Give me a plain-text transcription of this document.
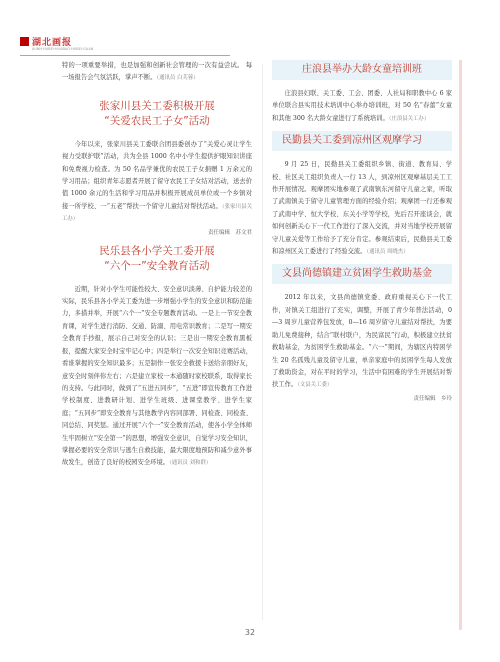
湖北画报
JIUNN·HUBEI·HUABAO·HUBEI·GUAN

特的一项重要举措，也是加强和创新社会管理的一次有益尝试。 每一场报告会气氛活跃，掌声不断。（通讯员 白芙蓉）

张家川县关工委积极开展
“关爱农民工子女”活动

今年以来，张家川县关工委联合团县委创办了“关爱心灵让学生视力受联护联”活动，共为全县 1000 名中小学生提供护眼知识讲座和免费视力检查。为 50 名品学兼优的农民工子女捐赠 1 万余元的学习用品；组织青年志愿者开展了留守农民工子女结对活动，送去价值 1000 余元的生活和学习用品并积极开展成员单位或一个乡镇对接一所学校、一“五老”帮扶一个留守儿童结对帮扶活动。（张家川县关工办）

责任编辑　苏文君
民乐县各小学关工委开展
“六个一”安全教育活动

近期，针对小学生可能性较大、安全意识淡薄、自护能力较差的实际，民乐县各小学关工委为进一步增强小学生的安全意识和防范能力，多措并举，开展“六个一”安全专题教育活动。一是上一节安全教育课，对学生进行消防、交通、防溺、用电常识教育；二是写一期安全教育手抄报，展示自己对安全的认识；三是出一期安全教育黑板报，提醒大家安全时宝牢记心中；四是举行一次安全知识竞赛活动，看谁掌握的安全知识最多；五是制作一张安全救援卡送给亲朋好友，意安全时刻伴你左右；六是建立家校一本通随时家校联系，取得家长的支持。与此同时，做到了“五进五同步”，“五进”即宣传教育工作进学校制度、进教研计划、进学生班级、进课堂教学、进学生家庭；“五同步”即安全教育与其他教学内容同部署、同检查、同检查、同总结、同奖惩。通过开展“六个一”安全教育活动，使各小学全体师生牢固树立“安全第一”的思想，增强安全意识，自觉学习安全知识，掌握必要的安全常识与逃生自救技能，最大限度地预防和减少意外事故发生，创造了良好的校园安全环境。（通讯员 刘和群）

庄浪县举办大龄女童培训班

庄浪县妇联、关工委、工会、团委、人社局和职教中心 6 家单位联合县实用技术培训中心举办培训班，对 50 名“春蕾”女童和其他 300 名大龄女童进行了系统培训。（庄浪县关工办）

民勤县关工委到凉州区观摩学习

9 月 25 日，民勤县关工委组织乡镇、街道、教育局、学校、社区关工组织负责人一行 13 人，到凉州区观摩基层关工工作开展情况。观摩团实地参观了武南镇东河留守儿童之家，听取了武南镇关于留守儿童管理方面的经验介绍；观摩团一行还参观了武南中学、恒大学校、东关小学等学校，先后召开座谈会，就如何创新关心下一代工作进行了深入交流，并对当地学校开展留守儿童关爱等工作给予了充分肯定。参观结束后，民勤县关工委和凉州区关工委进行了经验交流。（通讯员 周晓杰）

文县尚德镇建立贫困学生救助基金

2012 年以来，文县尚德镇党委、政府重视关心下一代工作，对镇关工组进行了充实，调整，开展了青少年普法活动，0—3 周岁儿童营养包发放，0—16 周岁留守儿童结对帮扶，为要助儿免费接种，结合“联村联户，为民富民”行动，积极建立扶贫救助基金，为贫困学生救助基金。“六一”期间，为辖区内特困学生 20 名孤残儿童及留守儿童，单亲家庭中的贫困学生每人发放了救助资金，对在平时的学习，生活中有困难的学生开展结对帮扶工作。（文县关工委）

责任编辑　乡玲
32
